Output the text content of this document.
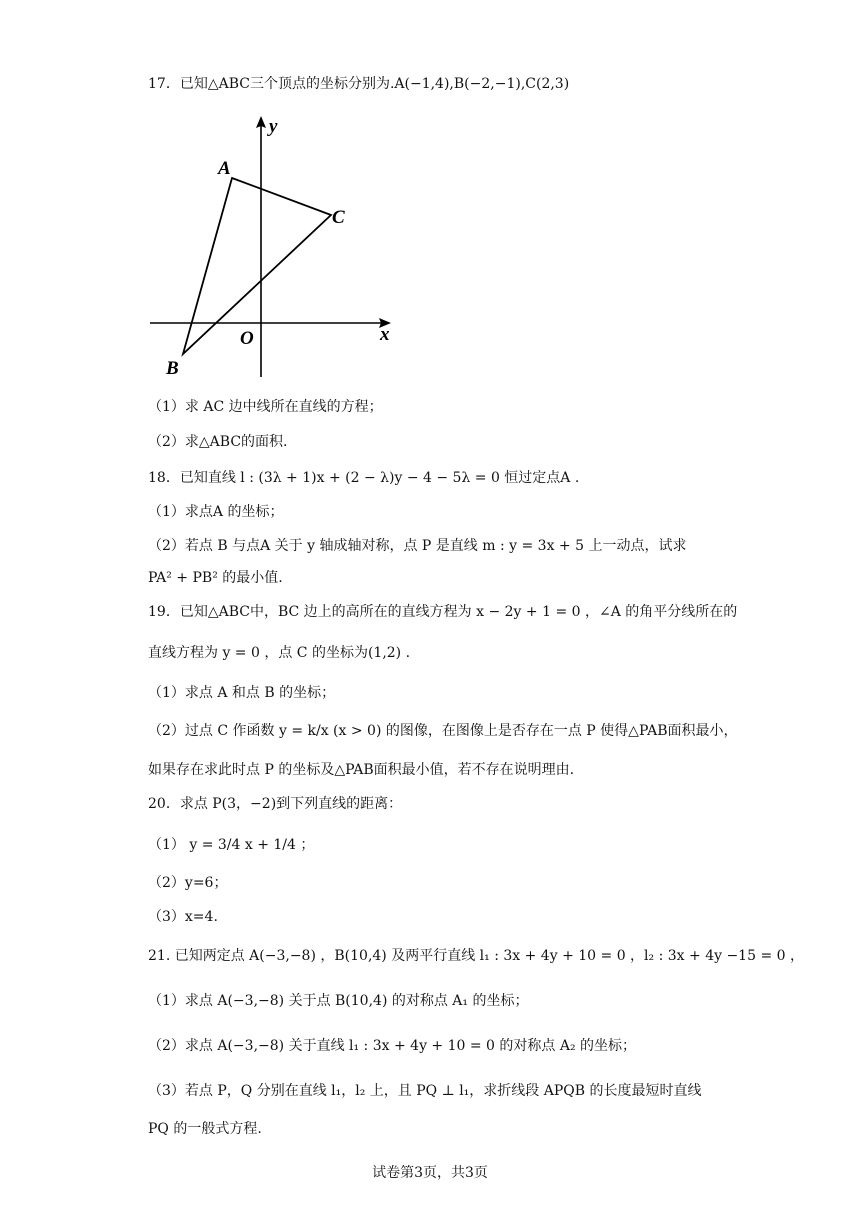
17．已知△ABC三个顶点的坐标分别为.A(−1,4),B(−2,−1),C(2,3)
y
x
O
A
B
C
（1）求 AC 边中线所在直线的方程；
（2）求△ABC的面积.
18．已知直线 l : (3λ + 1)x + (2 − λ)y − 4 − 5λ = 0 恒过定点A .
（1）求点A 的坐标；
（2）若点 B 与点A 关于 y 轴成轴对称，点 P 是直线 m : y = 3x + 5 上一动点，试求
PA² + PB² 的最小值.
19．已知△ABC中，BC 边上的高所在的直线方程为 x − 2y + 1 = 0 ，∠A 的角平分线所在的
直线方程为 y = 0 ，点 C 的坐标为(1,2) .
（1）求点 A 和点 B 的坐标；
（2）过点 C 作函数 y = k/x (x > 0) 的图像，在图像上是否存在一点 P 使得△PAB面积最小，
如果存在求此时点 P 的坐标及△PAB面积最小值，若不存在说明理由.
20．求点 P(3，−2)到下列直线的距离：
（1） y = 3/4 x + 1/4 ；
（2）y=6；
（3）x=4.
21. 已知两定点 A(−3,−8) ，B(10,4) 及两平行直线 l₁ : 3x + 4y + 10 = 0 ，l₂ : 3x + 4y −15 = 0 ，
（1）求点 A(−3,−8) 关于点 B(10,4) 的对称点 A₁ 的坐标；
（2）求点 A(−3,−8) 关于直线 l₁ : 3x + 4y + 10 = 0 的对称点 A₂ 的坐标；
（3）若点 P，Q 分别在直线 l₁，l₂ 上，且 PQ ⊥ l₁，求折线段 APQB 的长度最短时直线
PQ 的一般式方程.
试卷第3页，共3页
